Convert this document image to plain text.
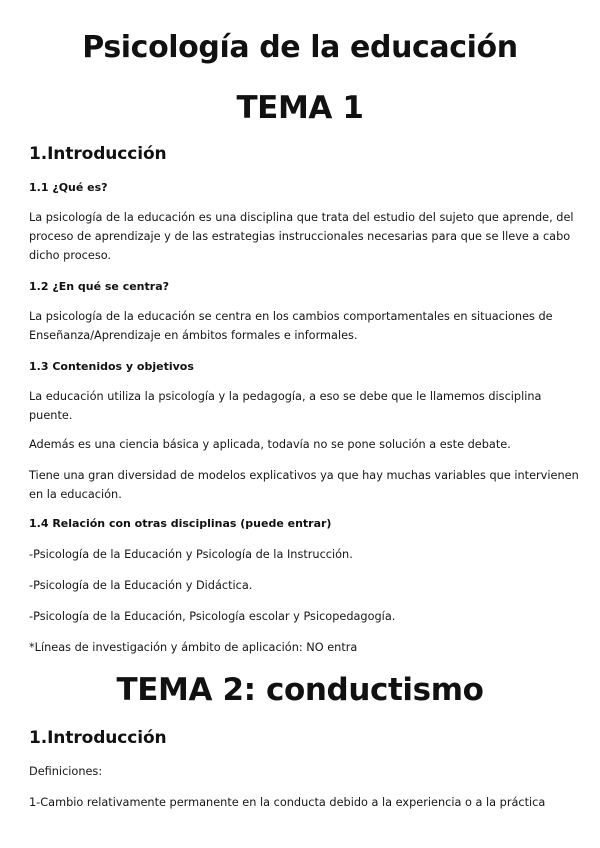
Psicología de la educación
TEMA 1
1.Introducción
1.1 ¿Qué es?

La psicología de la educación es una disciplina que trata del estudio del sujeto que aprende, del
proceso de aprendizaje y de las estrategias instruccionales necesarias para que se lleve a cabo
dicho proceso.

1.2 ¿En qué se centra?

La psicología de la educación se centra en los cambios comportamentales en situaciones de
Enseñanza/Aprendizaje en ámbitos formales e informales.

1.3 Contenidos y objetivos

La educación utiliza la psicología y la pedagogía, a eso se debe que le llamemos disciplina
puente.

Además es una ciencia básica y aplicada, todavía no se pone solución a este debate.

Tiene una gran diversidad de modelos explicativos ya que hay muchas variables que intervienen
en la educación.

1.4 Relación con otras disciplinas (puede entrar)

-Psicología de la Educación y Psicología de la Instrucción.

-Psicología de la Educación y Didáctica.

-Psicología de la Educación, Psicología escolar y Psicopedagogía.

*Líneas de investigación y ámbito de aplicación: NO entra

TEMA 2: conductismo
1.Introducción

Definiciones:

1-Cambio relativamente permanente en la conducta debido a la experiencia o a la práctica
